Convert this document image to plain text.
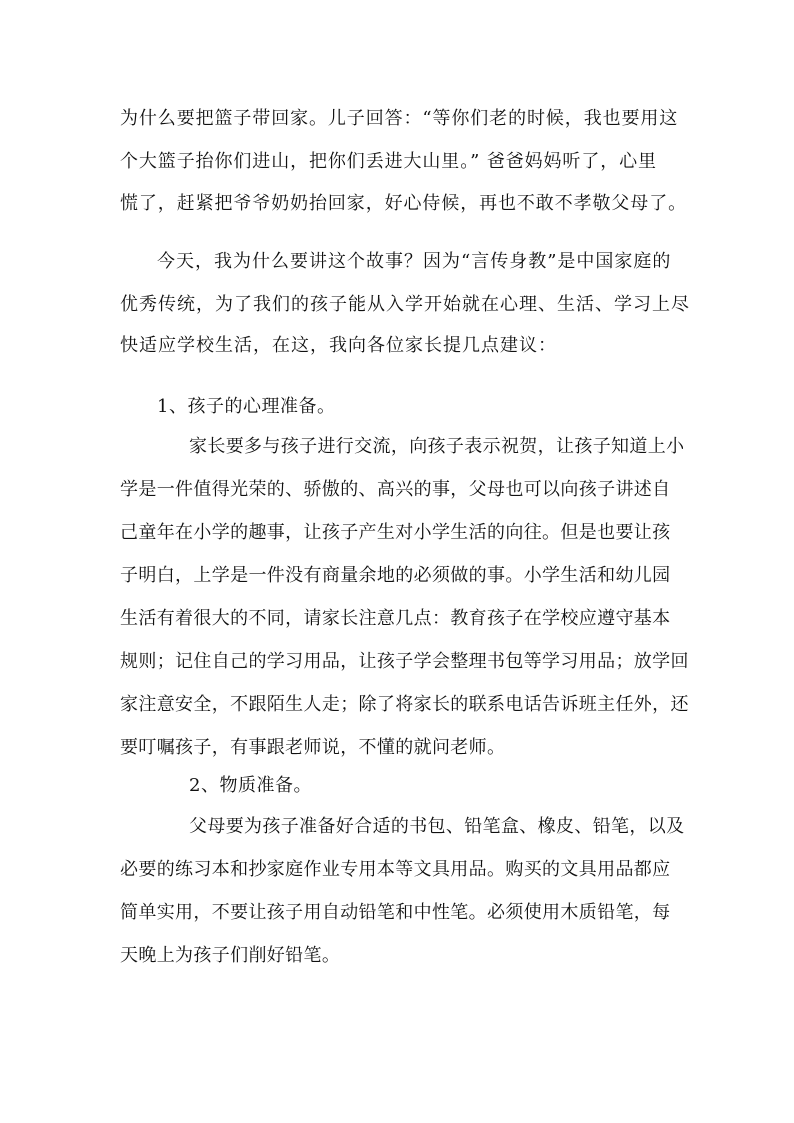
为什么要把篮子带回家。儿子回答：“等你们老的时候，我也要用这
个大篮子抬你们进山，把你们丢进大山里。” 爸爸妈妈听了，心里
慌了，赶紧把爷爷奶奶抬回家，好心侍候，再也不敢不孝敬父母了。
今天，我为什么要讲这个故事？因为“言传身教”是中国家庭的
优秀传统，为了我们的孩子能从入学开始就在心理、生活、学习上尽
快适应学校生活，在这，我向各位家长提几点建议：
1、孩子的心理准备。
家长要多与孩子进行交流，向孩子表示祝贺，让孩子知道上小
学是一件值得光荣的、骄傲的、高兴的事，父母也可以向孩子讲述自
己童年在小学的趣事，让孩子产生对小学生活的向往。但是也要让孩
子明白，上学是一件没有商量余地的必须做的事。小学生活和幼儿园
生活有着很大的不同，请家长注意几点：教育孩子在学校应遵守基本
规则；记住自己的学习用品，让孩子学会整理书包等学习用品；放学回
家注意安全，不跟陌生人走；除了将家长的联系电话告诉班主任外，还
要叮嘱孩子，有事跟老师说，不懂的就问老师。
2、物质准备。
父母要为孩子准备好合适的书包、铅笔盒、橡皮、铅笔，以及
必要的练习本和抄家庭作业专用本等文具用品。购买的文具用品都应
简单实用，不要让孩子用自动铅笔和中性笔。必须使用木质铅笔，每
天晚上为孩子们削好铅笔。
